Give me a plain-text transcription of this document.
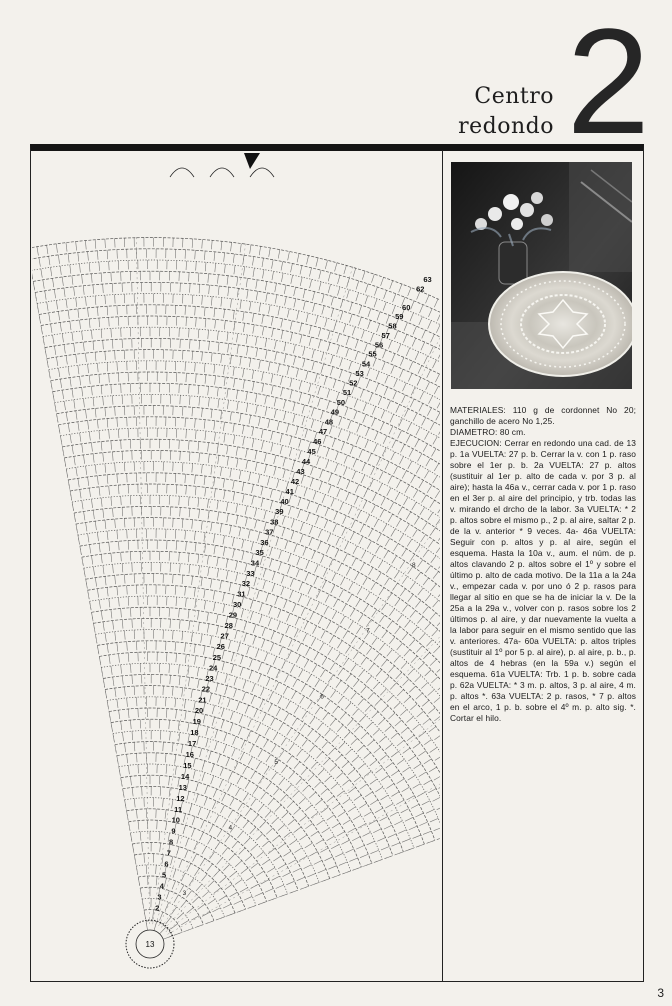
Centro
redondo 2
13
63
62
60
59
58
57
56
55
54
53
52
51
50
49
48
47
46
45
44
43
42
41
40
39
38
37
36
35
34
33
32
31
30
29
28
27
26
25
24
23
22
21
20
19
18
17
16
15
14
13
12
11
10
9
8
7
6
5
4
3
2
3
4
5
6
7
8

MATERIALES: 110 g de cordonnet No 20; ganchillo de acero No 1,25.

DIAMETRO: 80 cm.

EJECUCION: Cerrar en redondo una cad. de 13 p. 1a VUELTA: 27 p. b. Cerrar la v. con 1 p. raso sobre el 1er p. b. 2a VUELTA: 27 p. altos (sustituir al 1er p. alto de cada v. por 3 p. al aire); hasta la 46a v., cerrar cada v. por 1 p. raso en el 3er p. al aire del principio, y trb. todas las v. mirando el drcho de la labor. 3a VUELTA: * 2 p. altos sobre el mismo p., 2 p. al aire, saltar 2 p. de la v. anterior * 9 veces. 4a- 46a VUELTA: Seguir con p. altos y p. al aire, según el esquema. Hasta la 10a v., aum. el núm. de p. altos clavando 2 p. altos sobre el 1º y sobre el último p. alto de cada motivo. De la 11a a la 24a v., empezar cada v. por uno ó 2 p. rasos para llegar al sitio en que se ha de iniciar la v. De la 25a a la 29a v., volver con p. rasos sobre los 2 últimos p. al aire, y dar nuevamente la vuelta a la labor para seguir en el mismo sentido que las v. anteriores. 47a- 60a VUELTA: p. altos triples (sustituir al 1º por 5 p. al aire), p. al aire, p. b., p. altos de 4 hebras (en la 59a v.) según el esquema. 61a VUELTA: Trb. 1 p. b. sobre cada p. 62a VUELTA: * 3 m. p. altos, 3 p. al aire, 4 m. p. altos *. 63a VUELTA: 2 p. rasos, * 7 p. altos en el arco, 1 p. b. sobre el 4º m. p. alto sig. *. Cortar el hilo.

3
